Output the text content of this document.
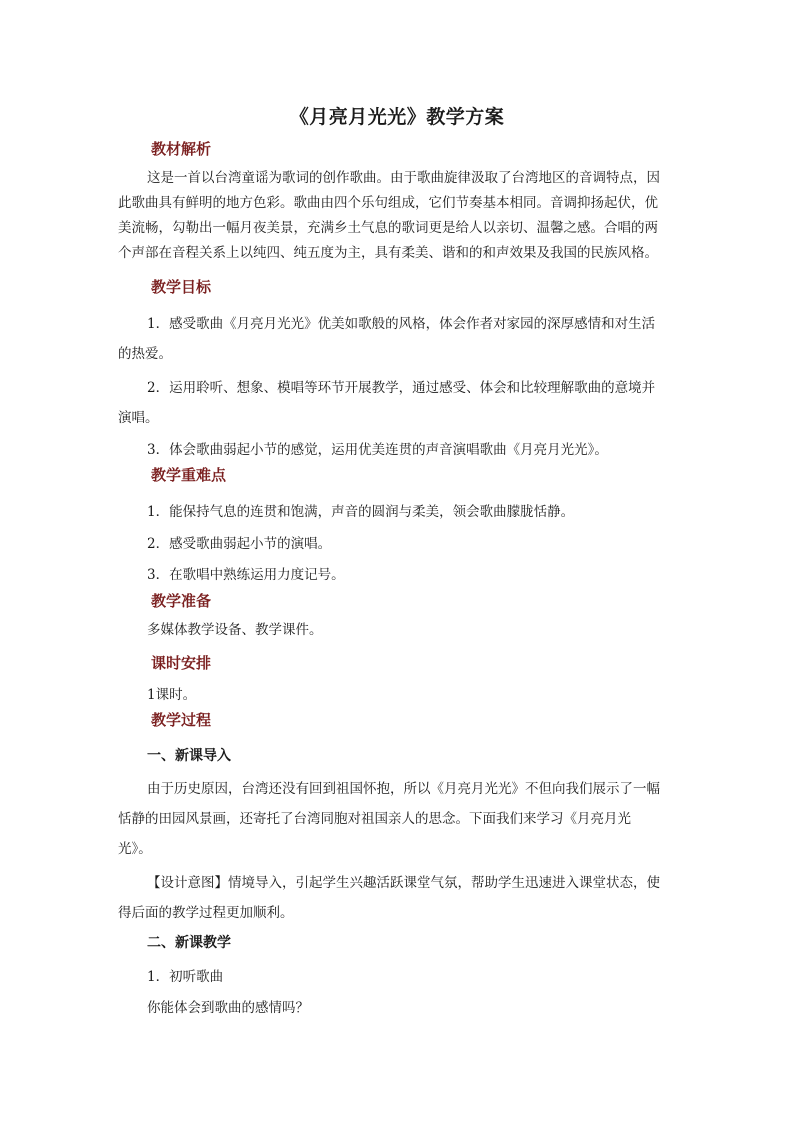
《月亮月光光》教学方案
教材解析
这是一首以台湾童谣为歌词的创作歌曲。由于歌曲旋律汲取了台湾地区的音调特点，因
此歌曲具有鲜明的地方色彩。歌曲由四个乐句组成，它们节奏基本相同。音调抑扬起伏，优
美流畅，勾勒出一幅月夜美景，充满乡土气息的歌词更是给人以亲切、温馨之感。合唱的两
个声部在音程关系上以纯四、纯五度为主，具有柔美、谐和的和声效果及我国的民族风格。
教学目标
1．感受歌曲《月亮月光光》优美如歌般的风格，体会作者对家园的深厚感情和对生活
的热爱。
2．运用聆听、想象、模唱等环节开展教学，通过感受、体会和比较理解歌曲的意境并
演唱。
3．体会歌曲弱起小节的感觉，运用优美连贯的声音演唱歌曲《月亮月光光》。
教学重难点
1．能保持气息的连贯和饱满，声音的圆润与柔美，领会歌曲朦胧恬静。
2．感受歌曲弱起小节的演唱。
3．在歌唱中熟练运用力度记号。
教学准备
多媒体教学设备、教学课件。
课时安排
1课时。
教学过程
一、新课导入
由于历史原因，台湾还没有回到祖国怀抱，所以《月亮月光光》不但向我们展示了一幅
恬静的田园风景画，还寄托了台湾同胞对祖国亲人的思念。下面我们来学习《月亮月光
光》。
【设计意图】情境导入，引起学生兴趣活跃课堂气氛，帮助学生迅速进入课堂状态，使
得后面的教学过程更加顺利。
二、新课教学
1．初听歌曲
你能体会到歌曲的感情吗？
